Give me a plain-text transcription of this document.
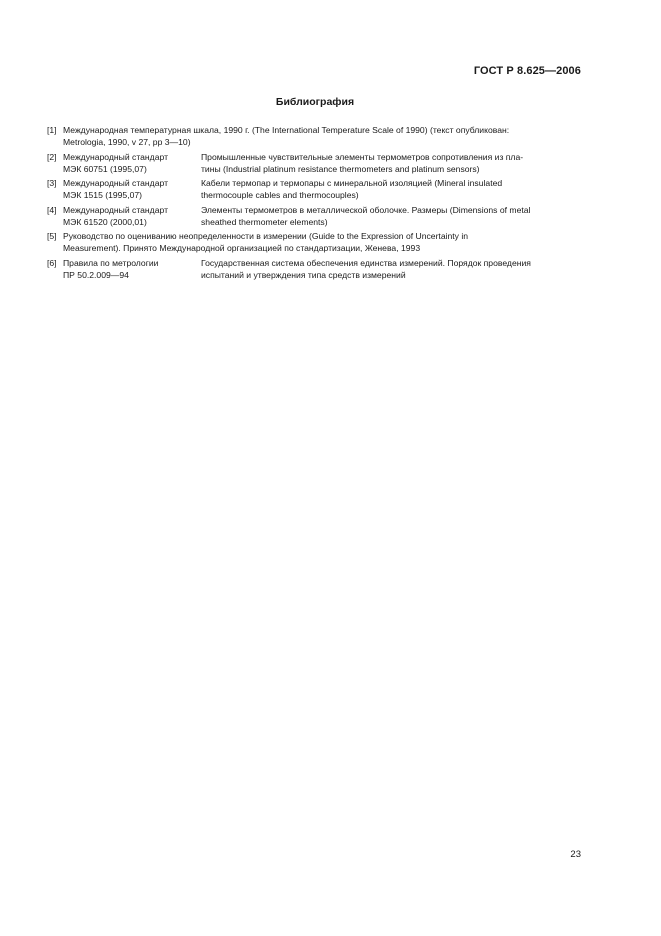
ГОСТ Р 8.625—2006
Библиография
[1] Международная температурная шкала, 1990 г. (The International Temperature Scale of 1990) (текст опубликован:
Metrologia, 1990, v 27, pp 3—10)
[2] Международный стандарт
МЭК 60751 (1995,07)
Промышленные чувствительные элементы термометров сопротивления из пла-
тины (Industrial platinum resistance thermometers and platinum sensors)
[3] Международный стандарт
МЭК 1515 (1995,07)
Кабели термопар и термопары с минеральной изоляцией (Mineral insulated
thermocouple cables and thermocouples)
[4] Международный стандарт
МЭК 61520 (2000,01)
Элементы термометров в металлической оболочке. Размеры (Dimensions of metal
sheathed thermometer elements)
[5] Руководство по оцениванию неопределенности в измерении (Guide to the Expression of Uncertainty in
Measurement). Принято Международной организацией по стандартизации, Женева, 1993
[6] Правила по метрологии
ПР 50.2.009—94
Государственная система обеспечения единства измерений. Порядок проведения
испытаний и утверждения типа средств измерений
23
